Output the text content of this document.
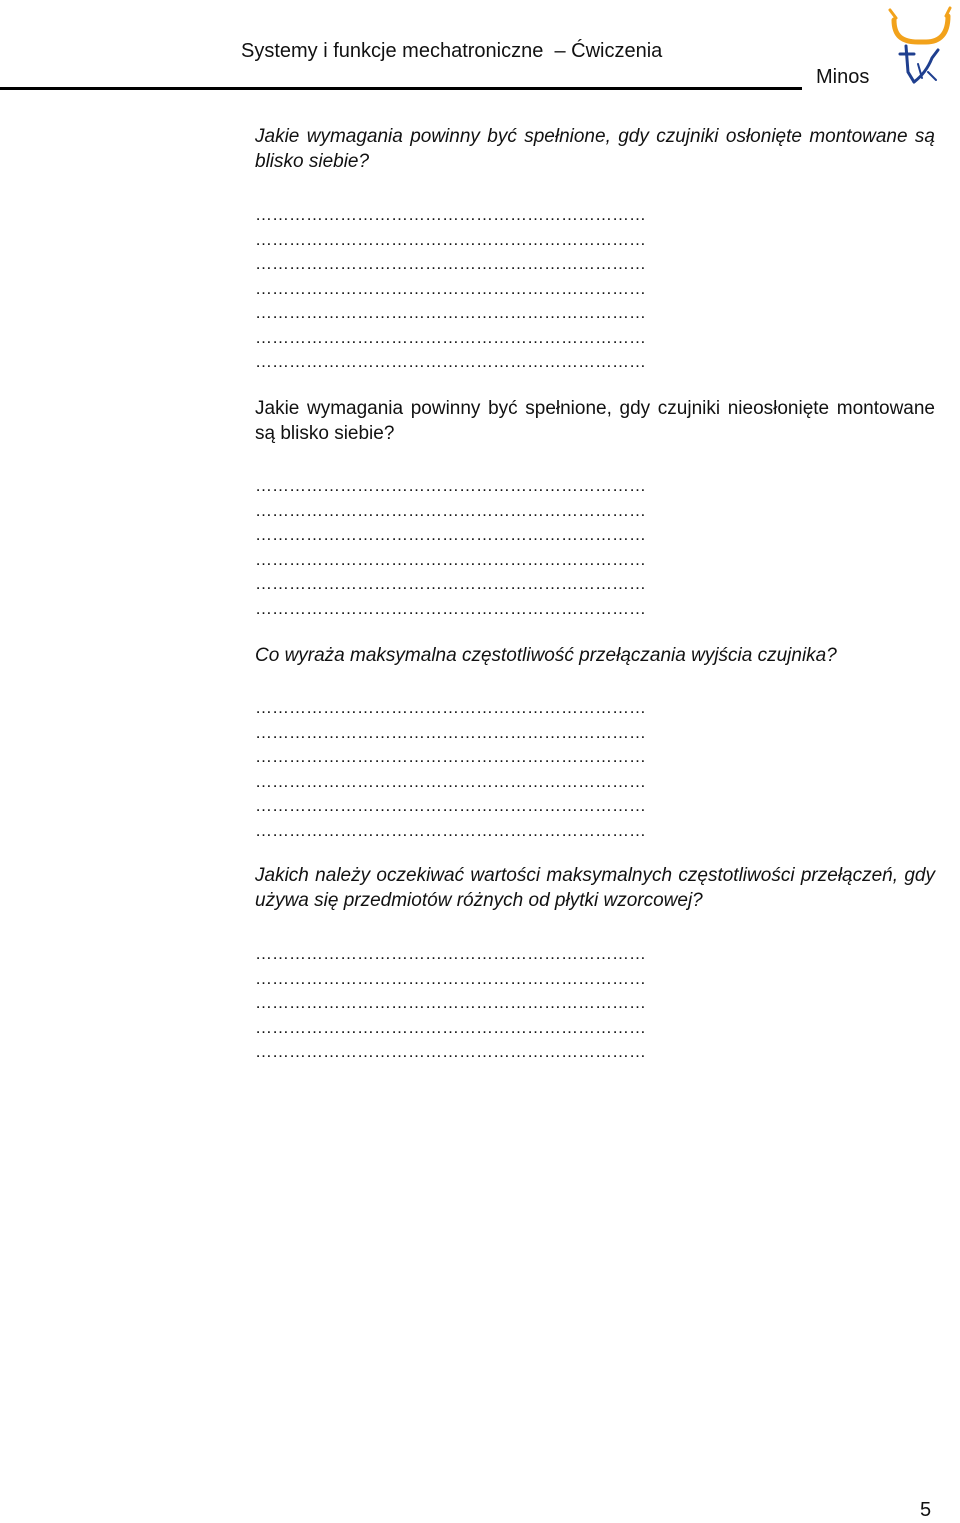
Systemy i funkcje mechatroniczne  – Ćwiczenia
Minos

Jakie wymagania powinny być spełnione, gdy czujniki osłonięte montowane są blisko siebie?

……………………………………………………………
……………………………………………………………
……………………………………………………………
……………………………………………………………
……………………………………………………………
……………………………………………………………
……………………………………………………………

Jakie wymagania powinny być spełnione, gdy czujniki nieosłonięte montowane są blisko siebie?

……………………………………………………………
……………………………………………………………
……………………………………………………………
……………………………………………………………
……………………………………………………………
……………………………………………………………

Co wyraża maksymalna częstotliwość przełączania wyjścia czujnika?

……………………………………………………………
……………………………………………………………
……………………………………………………………
……………………………………………………………
……………………………………………………………
……………………………………………………………

Jakich należy oczekiwać wartości maksymalnych częstotliwości przełączeń, gdy używa się przedmiotów różnych od płytki wzorcowej?

……………………………………………………………
……………………………………………………………
……………………………………………………………
……………………………………………………………
……………………………………………………………
5
